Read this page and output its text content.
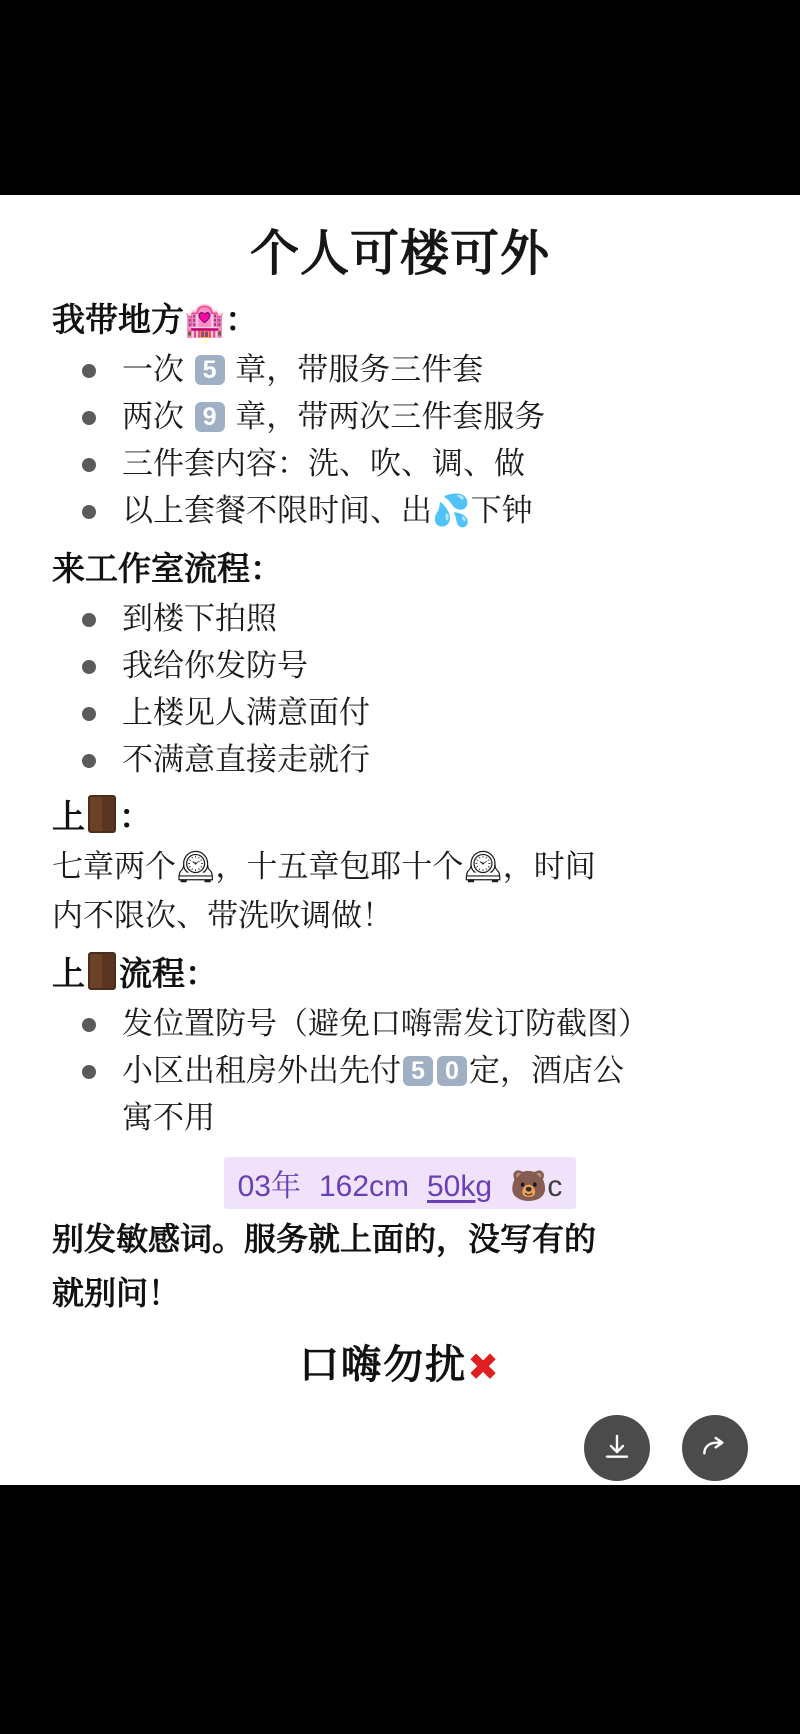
个人可楼可外
我带地方🏩：
一次 5 章，带服务三件套
两次 9 章，带两次三件套服务
三件套内容：洗、吹、调、做
以上套餐不限时间、出💦下钟
来工作室流程：
到楼下拍照
我给你发防号
上楼见人满意面付
不满意直接走就行
上 ：
七章两个🕰，十五章包耶十个🕰，时间
内不限次、带洗吹调做！
上 流程：
发位置防号（避免口嗨需发订防截图）
小区出租房外出先付 5 0 定，酒店公
寓不用
03年 162cm 50kg 🐻c
别发敏感词。服务就上面的，没写有的
就别问！
口嗨勿扰✖
